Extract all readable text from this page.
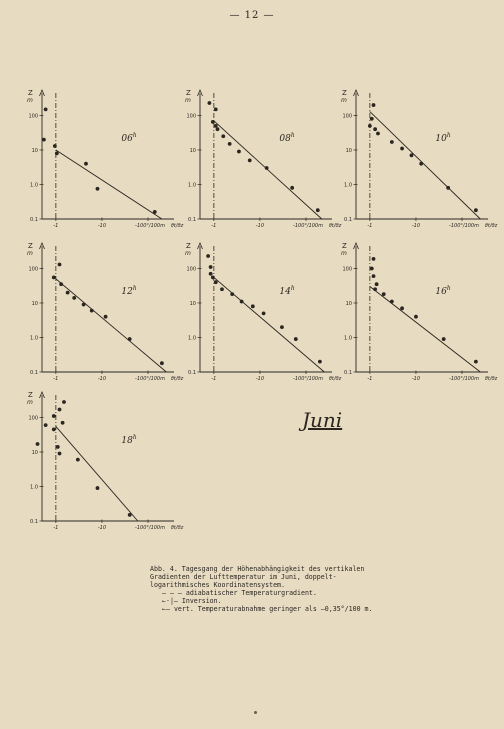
— 12 —
Z
m
100
10
1.0
0.1
-1	-10	-100°/100m ϑt/ϑz
06$^h$
Z
m
100
10
1.0
0.1
-1	-10	-100°/100m ϑt/ϑz
08$^h$
Z
m
100
10
1.0
0.1
-1	-10	-100°/100m ϑt/ϑz
10$^h$
Z
m
100
10
1.0
0.1
-1	-10	-100°/100m ϑt/ϑz
12$^h$
Z
m
100
10
1.0
0.1
-1	-10	-100°/100m ϑt/ϑz
14$^h$
Z
m
100
10
1.0
0.1
-1	-10	-100°/100m ϑt/ϑz
16$^h$
Z
m
100
10
1.0
0.1
-1	-10	-100°/100m ϑt/ϑz
18$^h$
Juni
Abb. 4. Tagesgang der Höhenabhängigkeit des vertikalen Gradienten der Lufttemperatur im Juni, doppelt-logarithmisches Koordinatensystem.
— — — adiabatischer Temperaturgradient.
←·|– Inversion.
←— vert. Temperaturabnahme geringer als —0,35°/100 m.
